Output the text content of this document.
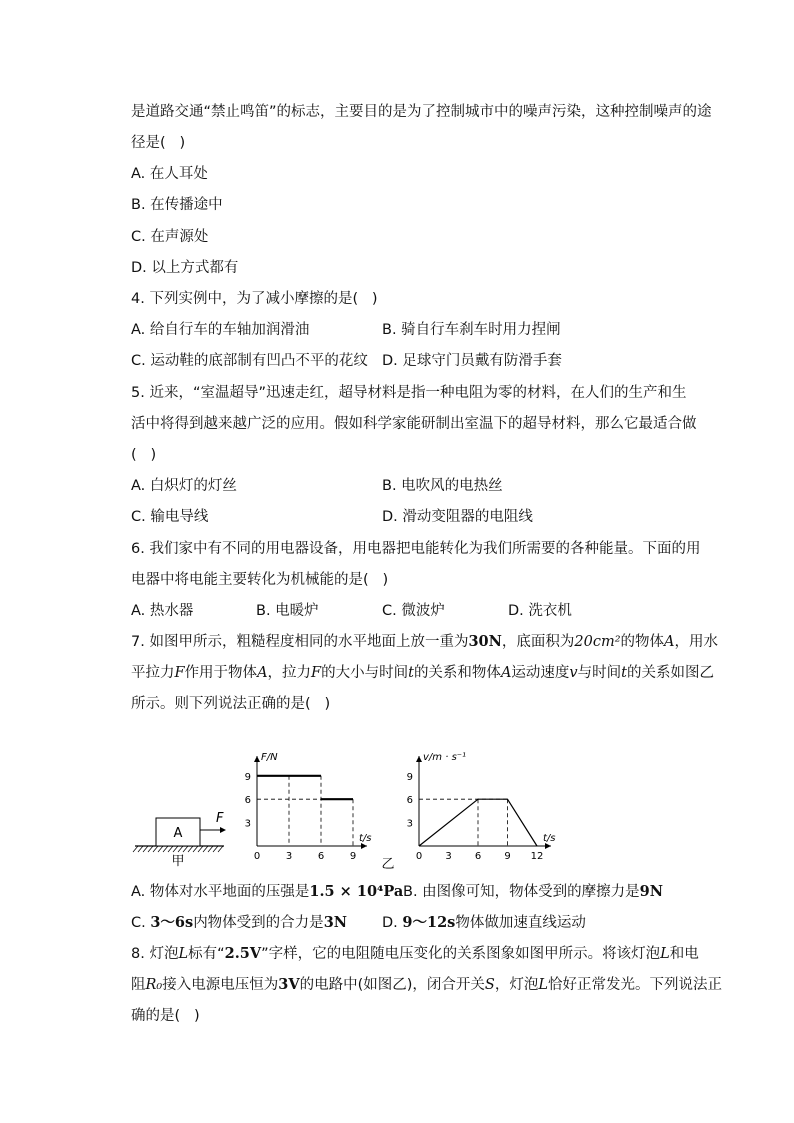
是道路交通“禁止鸣笛”的标志，主要目的是为了控制城市中的噪声污染，这种控制噪声的途
径是(   )
A. 在人耳处
B. 在传播途中
C. 在声源处
D. 以上方式都有
4. 下列实例中，为了减小摩擦的是(   )
A. 给自行车的车轴加润滑油	B. 骑自行车刹车时用力捏闸
C. 运动鞋的底部制有凹凸不平的花纹 D. 足球守门员戴有防滑手套
5. 近来，“室温超导”迅速走红，超导材料是指一种电阻为零的材料，在人们的生产和生
活中将得到越来越广泛的应用。假如科学家能研制出室温下的超导材料，那么它最适合做
(   )
A. 白炽灯的灯丝	B. 电吹风的电热丝
C. 输电导线	D. 滑动变阻器的电阻线
6. 我们家中有不同的用电器设备，用电器把电能转化为我们所需要的各种能量。下面的用
电器中将电能主要转化为机械能的是(   )
A. 热水器	B. 电暖炉	C. 微波炉	D. 洗衣机
7. 如图甲所示，粗糙程度相同的水平地面上放一重为30N，底面积为20cm²的物体A，用水
平拉力F作用于物体A，拉力F的大小与时间t的关系和物体A运动速度v与时间t的关系如图乙
所示。则下列说法正确的是(   )
A
F
甲
F/N
t/s
0	3	6	9
3
6
9
v/m · s⁻¹
t/s
0 3 6 9 12
3
6
9
乙
A. 物体对水平地面的压强是1.5 × 10⁴Pa B. 由图像可知，物体受到的摩擦力是9N
C. 3～6s内物体受到的合力是3N D. 9～12s物体做加速直线运动
8. 灯泡L标有“2.5V”字样，它的电阻随电压变化的关系图象如图甲所示。将该灯泡L和电
阻R₀接入电源电压恒为3V的电路中(如图乙)，闭合开关S，灯泡L恰好正常发光。下列说法正
确的是(   )
